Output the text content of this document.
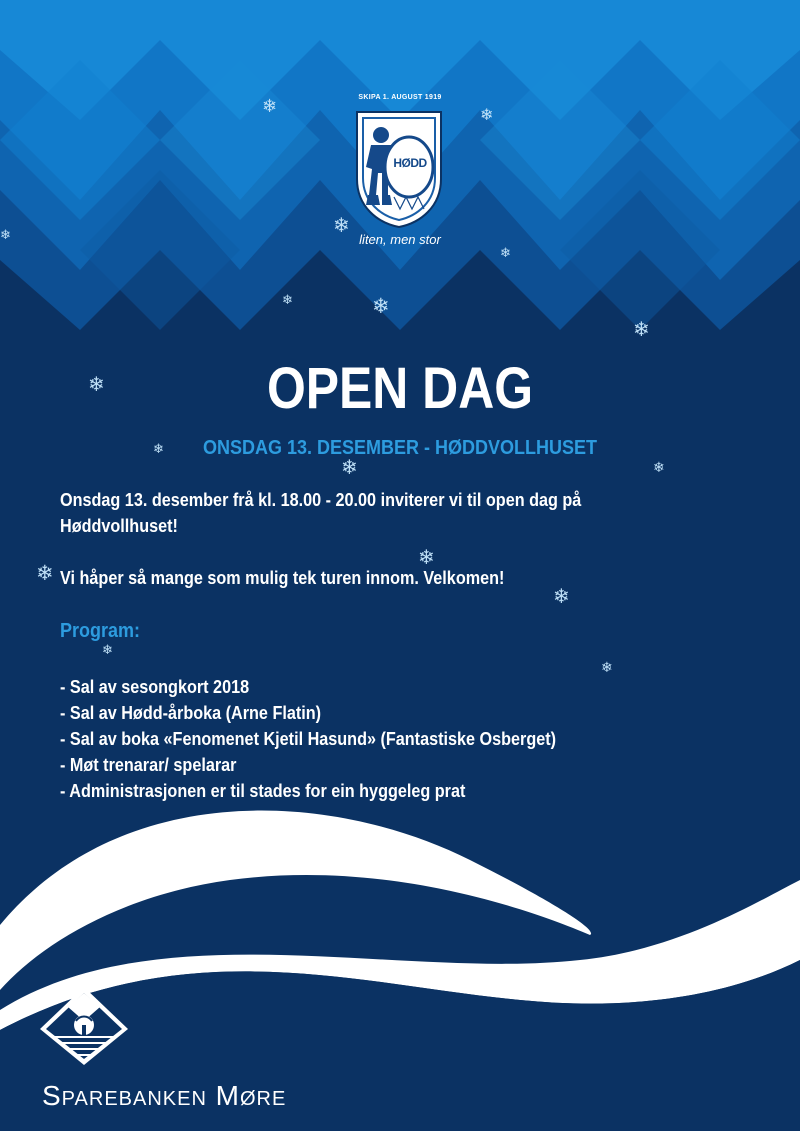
❄	❄
❄
❄
❄
❄	❄
❄
❄
❄
❄	❄
❄
❄
❄
❄
❄
SKIPA 1. AUGUST 1919
HØDD
liten, men stor
OPEN DAG
ONSDAG 13. DESEMBER - HØDDVOLLHUSET
Onsdag 13. desember frå kl. 18.00 - 20.00 inviterer vi til open dag på
Høddvollhuset!
Vi håper så mange som mulig tek turen innom. Velkomen!
Program:
- Sal av sesongkort 2018
- Sal av Hødd-årboka (Arne Flatin)
- Sal av boka «Fenomenet Kjetil Hasund» (Fantastiske Osberget)
- Møt trenarar/ spelarar
- Administrasjonen er til stades for ein hyggeleg prat
Sparebanken Møre
